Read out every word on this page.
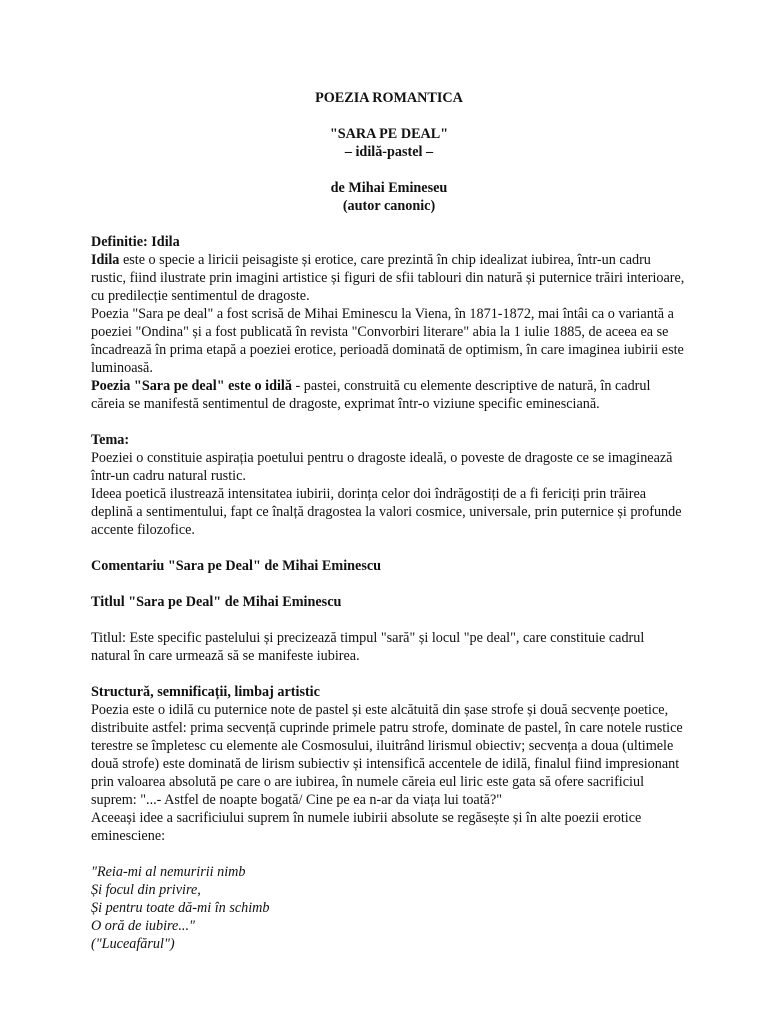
POEZIA ROMANTICA

"SARA PE DEAL"

– idilă-pastel –

de Mihai Emineseu

(autor canonic)

Definitie: Idila

Idila este o specie a liricii peisagiste și erotice, care prezintă în chip idealizat iubirea, într-un cadru rustic, fiind ilustrate prin imagini artistice și figuri de sfii tablouri din natură și puternice trăiri interioare, cu predilecție sentimentul de dragoste.

Poezia "Sara pe deal" a fost scrisă de Mihai Eminescu la Viena, în 1871-1872, mai întâi ca o variantă a poeziei "Ondina" și a fost publicată în revista "Convorbiri literare" abia la 1 iulie 1885, de aceea ea se încadrează în prima etapă a poeziei erotice, perioadă dominată de optimism, în care imaginea iubirii este luminoasă.

Poezia "Sara pe deal" este o idilă - pastei, construită cu elemente descriptive de natură, în cadrul căreia se manifestă sentimentul de dragoste, exprimat într-o viziune specific eminesciană.

Tema:

Poeziei o constituie aspirația poetului pentru o dragoste ideală, o poveste de dragoste ce se imaginează într-un cadru natural rustic.

Ideea poetică ilustrează intensitatea iubirii, dorința celor doi îndrăgostiți de a fi fericiți prin trăirea deplină a sentimentului, fapt ce înalță dragostea la valori cosmice, universale, prin puternice și profunde accente filozofice.

Comentariu "Sara pe Deal" de Mihai Eminescu

Titlul "Sara pe Deal" de Mihai Eminescu

Titlul: Este specific pastelului și precizează timpul "sară" și locul "pe deal", care constituie cadrul natural în care urmează să se manifeste iubirea.

Structură, semnificații, limbaj artistic

Poezia este o idilă cu puternice note de pastel și este alcătuită din șase strofe și două secvențe poetice, distribuite astfel: prima secvență cuprinde primele patru strofe, dominate de pastel, în care notele rustice terestre se împletesc cu elemente ale Cosmosului, iluitrând lirismul obiectiv; secvența a doua (ultimele două strofe) este dominată de lirism subiectiv și intensifică accentele de idilă, finalul fiind impresionant prin valoarea absolută pe care o are iubirea, în numele căreia eul liric este gata să ofere sacrificiul suprem: "...- Astfel de noapte bogată/ Cine pe ea n-ar da viața lui toată?"

Aceeași idee a sacrificiului suprem în numele iubirii absolute se regăsește și în alte poezii erotice eminesciene:

"Reia-mi al nemuririi nimb

Și focul din privire,

Și pentru toate dă-mi în schimb

O oră de iubire..."

("Luceafărul")
